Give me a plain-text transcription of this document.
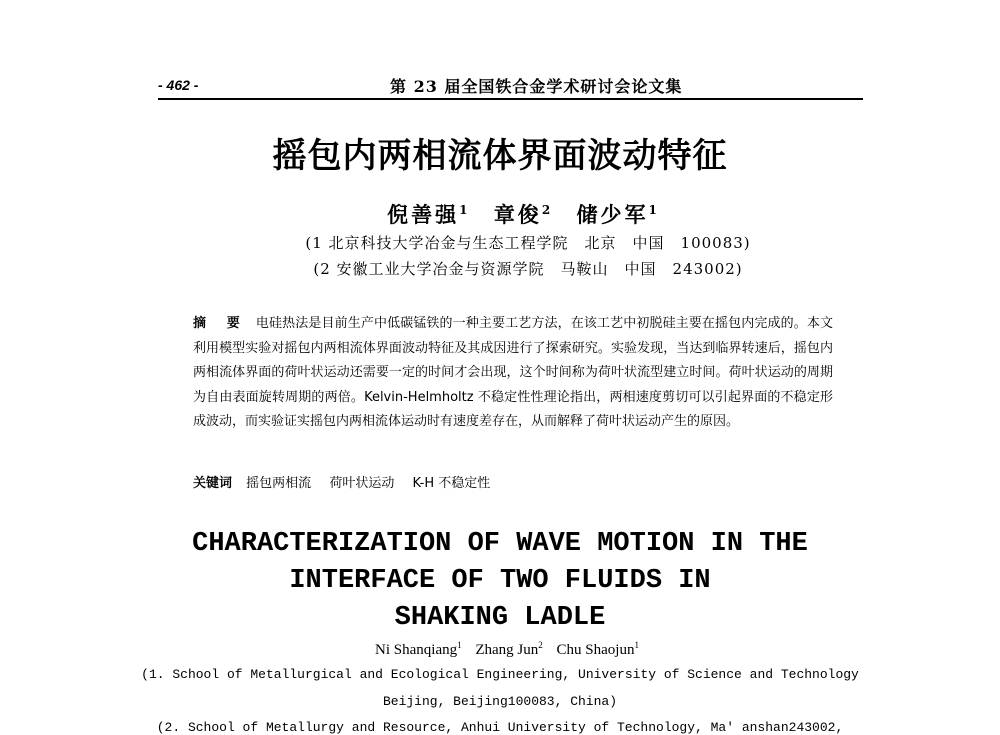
- 462 -	第 23 届全国铁合金学术研讨会论文集
摇包内两相流体界面波动特征
倪善强$^1$ 章俊$^2$ 储少军$^1$
(1 北京科技大学冶金与生态工程学院　北京　中国　100083)
(2 安徽工业大学冶金与资源学院　马鞍山　中国　243002)
摘 要 电硅热法是目前生产中低碳锰铁的一种主要工艺方法，在该工艺中初脱硅主要在摇包内完成的。本文利用模型实验对摇包内两相流体界面波动特征及其成因进行了探索研究。实验发现，当达到临界转速后，摇包内两相流体界面的荷叶状运动还需要一定的时间才会出现，这个时间称为荷叶状流型建立时间。荷叶状运动的周期为自由表面旋转周期的两倍。Kelvin-Helmholtz 不稳定性性理论指出，两相速度剪切可以引起界面的不稳定形成波动，而实验证实摇包内两相流体运动时有速度差存在，从而解释了荷叶状运动产生的原因。
关键词 摇包两相流 荷叶状运动 K-H 不稳定性
CHARACTERIZATION OF WAVE MOTION IN THE
INTERFACE OF TWO FLUIDS IN
SHAKING LADLE
Ni Shanqiang$^1$ Zhang Jun$^2$ Chu Shaojun$^1$
(1. School of Metallurgical and Ecological Engineering, University of Science and Technology
Beijing, Beijing100083, China)
(2. School of Metallurgy and Resource, Anhui University of Technology, Ma' anshan243002,
